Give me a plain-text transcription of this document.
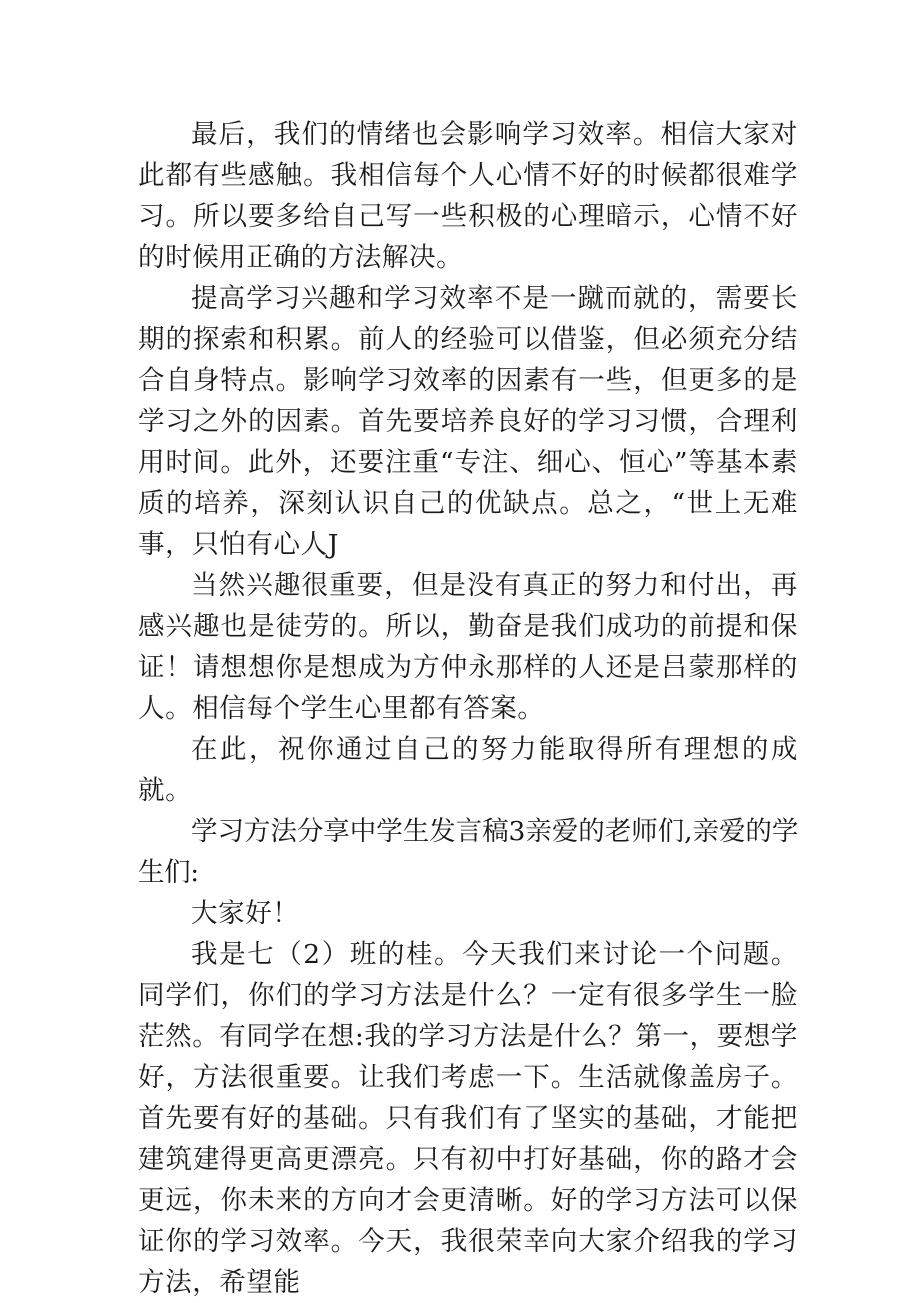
最后，我们的情绪也会影响学习效率。相信大家对此都有些感触。我相信每个人心情不好的时候都很难学习。所以要多给自己写一些积极的心理暗示，心情不好的时候用正确的方法解决。

提高学习兴趣和学习效率不是一蹴而就的，需要长期的探索和积累。前人的经验可以借鉴，但必须充分结合自身特点。影响学习效率的因素有一些，但更多的是学习之外的因素。首先要培养良好的学习习惯，合理利用时间。此外，还要注重“专注、细心、恒心”等基本素质的培养，深刻认识自己的优缺点。总之，“世上无难事，只怕有心人J

当然兴趣很重要，但是没有真正的努力和付出，再感兴趣也是徒劳的。所以，勤奋是我们成功的前提和保证！请想想你是想成为方仲永那样的人还是吕蒙那样的人。相信每个学生心里都有答案。

在此，祝你通过自己的努力能取得所有理想的成就。

学习方法分享中学生发言稿3亲爱的老师们,亲爱的学生们:

大家好！

我是七（2）班的桂。今天我们来讨论一个问题。同学们，你们的学习方法是什么？一定有很多学生一脸茫然。有同学在想:我的学习方法是什么？第一，要想学好，方法很重要。让我们考虑一下。生活就像盖房子。首先要有好的基础。只有我们有了坚实的基础，才能把建筑建得更高更漂亮。只有初中打好基础，你的路才会更远，你未来的方向才会更清晰。好的学习方法可以保证你的学习效率。今天，我很荣幸向大家介绍我的学习方法，希望能
